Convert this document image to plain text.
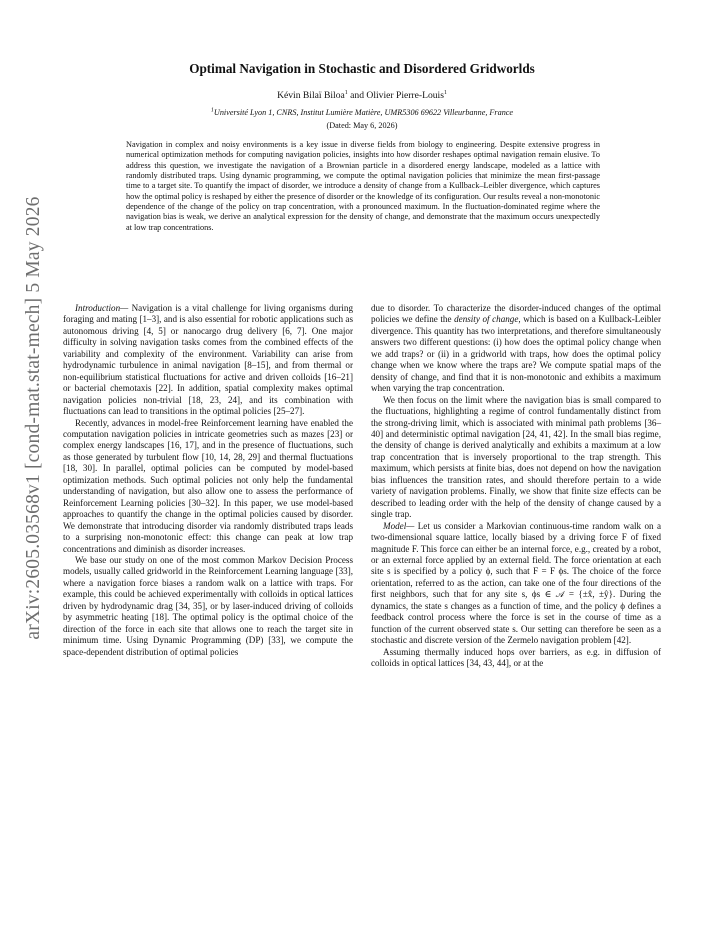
arXiv:2605.03568v1 [cond-mat.stat-mech] 5 May 2026
Optimal Navigation in Stochastic and Disordered Gridworlds
Kévin Bilaï Biloa$^1$ and Olivier Pierre-Louis$^1$
$^1$Université Lyon 1, CNRS, Institut Lumière Matière, UMR5306 69622 Villeurbanne, France
(Dated: May 6, 2026)
Navigation in complex and noisy environments is a key issue in diverse fields from biology to engineering. Despite extensive progress in numerical optimization methods for computing navigation policies, insights into how disorder reshapes optimal navigation remain elusive. To address this question, we investigate the navigation of a Brownian particle in a disordered energy landscape, modeled as a lattice with randomly distributed traps. Using dynamic programming, we compute the optimal navigation policies that minimize the mean first-passage time to a target site. To quantify the impact of disorder, we introduce a density of change from a Kullback–Leibler divergence, which captures how the optimal policy is reshaped by either the presence of disorder or the knowledge of its configuration. Our results reveal a non-monotonic dependence of the change of the policy on trap concentration, with a pronounced maximum. In the fluctuation-dominated regime where the navigation bias is weak, we derive an analytical expression for the density of change, and demonstrate that the maximum occurs unexpectedly at low trap concentrations.

Introduction— Navigation is a vital challenge for living organisms during foraging and mating [1–3], and is also essential for robotic applications such as autonomous driving [4, 5] or nanocargo drug delivery [6, 7]. One major difficulty in solving navigation tasks comes from the combined effects of the variability and complexity of the environment. Variability can arise from hydrodynamic turbulence in animal navigation [8–15], and from thermal or non-equilibrium statistical fluctuations for active and driven colloids [16–21] or bacterial chemotaxis [22]. In addition, spatial complexity makes optimal navigation policies non-trivial [18, 23, 24], and its combination with fluctuations can lead to transitions in the optimal policies [25–27].

Recently, advances in model-free Reinforcement learning have enabled the computation navigation policies in intricate geometries such as mazes [23] or complex energy landscapes [16, 17], and in the presence of fluctuations, such as those generated by turbulent flow [10, 14, 28, 29] and thermal fluctuations [18, 30]. In parallel, optimal policies can be computed by model-based optimization methods. Such optimal policies not only help the fundamental understanding of navigation, but also allow one to assess the performance of Reinforcement Learning policies [30–32]. In this paper, we use model-based approaches to quantify the change in the optimal policies caused by disorder. We demonstrate that introducing disorder via randomly distributed traps leads to a surprising non-monotonic effect: this change can peak at low trap concentrations and diminish as disorder increases.

We base our study on one of the most common Markov Decision Process models, usually called gridworld in the Reinforcement Learning language [33], where a navigation force biases a random walk on a lattice with traps. For example, this could be achieved experimentally with colloids in optical lattices driven by hydrodynamic drag [34, 35], or by laser-induced driving of colloids by asymmetric heating [18]. The optimal policy is the optimal choice of the direction of the force in each site that allows one to reach the target site in minimum time. Using Dynamic Programming (DP) [33], we compute the space-dependent distribution of optimal policies

due to disorder. To characterize the disorder-induced changes of the optimal policies we define the density of change, which is based on a Kullback-Leibler divergence. This quantity has two interpretations, and therefore simultaneously answers two different questions: (i) how does the optimal policy change when we add traps? or (ii) in a gridworld with traps, how does the optimal policy change when we know where the traps are? We compute spatial maps of the density of change, and find that it is non-monotonic and exhibits a maximum when varying the trap concentration.

We then focus on the limit where the navigation bias is small compared to the fluctuations, highlighting a regime of control fundamentally distinct from the strong-driving limit, which is associated with minimal path problems [36–40] and deterministic optimal navigation [24, 41, 42]. In the small bias regime, the density of change is derived analytically and exhibits a maximum at a low trap concentration that is inversely proportional to the trap strength. This maximum, which persists at finite bias, does not depend on how the navigation bias influences the transition rates, and should therefore pertain to a wide variety of navigation problems. Finally, we show that finite size effects can be described to leading order with the help of the density of change caused by a single trap.

Model— Let us consider a Markovian continuous-time random walk on a two-dimensional square lattice, locally biased by a driving force F of fixed magnitude F. This force can either be an internal force, e.g., created by a robot, or an external force applied by an external field. The force orientation at each site s is specified by a policy ϕ, such that F = F ϕs. The choice of the force orientation, referred to as the action, can take one of the four directions of the first neighbors, such that for any site s, ϕs ∈ 𝒜 = {±x̂, ±ŷ}. During the dynamics, the state s changes as a function of time, and the policy ϕ defines a feedback control process where the force is set in the course of time as a function of the current observed state s. Our setting can therefore be seen as a stochastic and discrete version of the Zermelo navigation problem [42].

Assuming thermally induced hops over barriers, as e.g. in diffusion of colloids in optical lattices [34, 43, 44], or at the
